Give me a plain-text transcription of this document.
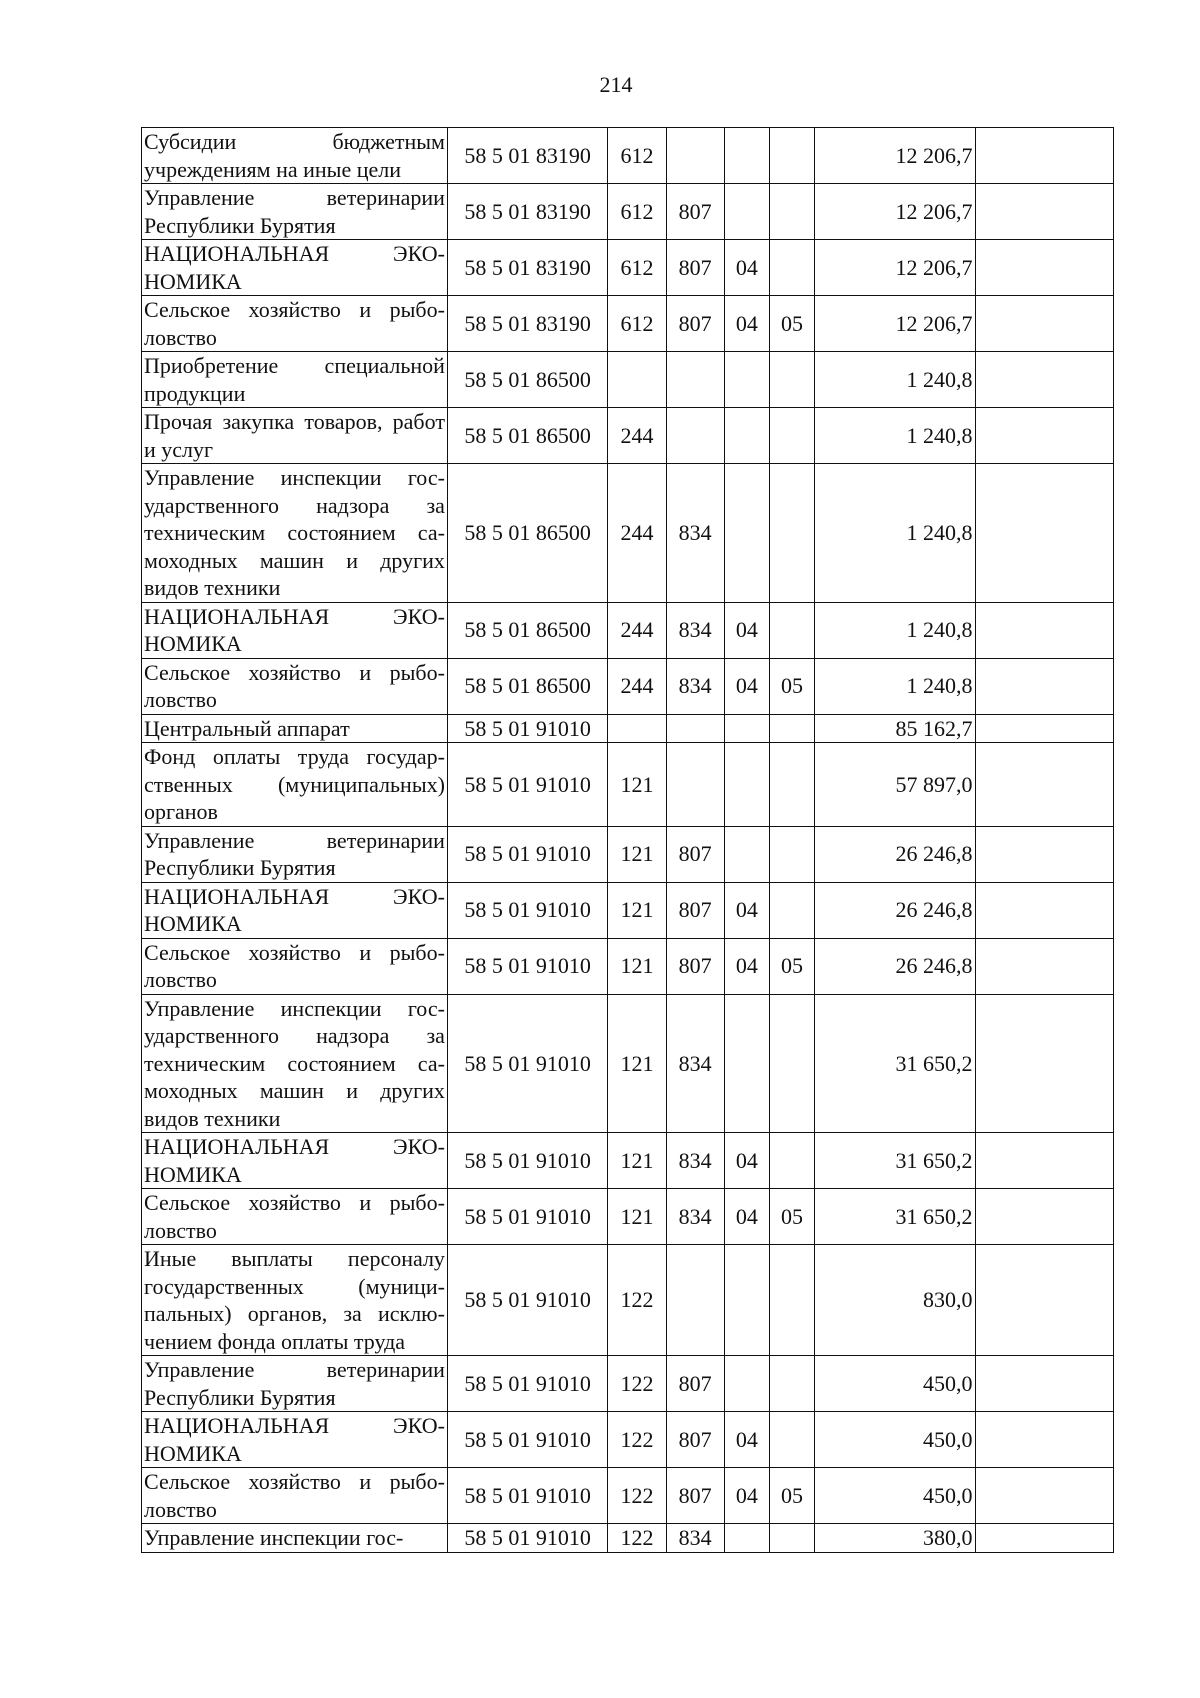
214
Субсидии бюджетным учреждениям на иные цели	58 5 01 83190	612				12 206,7	
Управление ветеринарии Республики Бурятия	58 5 01 83190	612	807			12 206,7	
НАЦИОНАЛЬНАЯ ЭКОНОМИКА	58 5 01 83190	612	807	04		12 206,7	
Сельское хозяйство и рыболовство	58 5 01 83190	612	807	04	05	12 206,7	
Приобретение специальной продукции	58 5 01 86500					1 240,8	
Прочая закупка товаров, работ и услуг	58 5 01 86500	244				1 240,8	
Управление инспекции государственного надзора за техническим состоянием самоходных машин и других видов техники	58 5 01 86500	244	834			1 240,8	
НАЦИОНАЛЬНАЯ ЭКОНОМИКА	58 5 01 86500	244	834	04		1 240,8	
Сельское хозяйство и рыболовство	58 5 01 86500	244	834	04	05	1 240,8	
Центральный аппарат	58 5 01 91010					85 162,7	
Фонд оплаты труда государственных (муниципальных) органов	58 5 01 91010	121				57 897,0	
Управление ветеринарии Республики Бурятия	58 5 01 91010	121	807			26 246,8	
НАЦИОНАЛЬНАЯ ЭКОНОМИКА	58 5 01 91010	121	807	04		26 246,8	
Сельское хозяйство и рыболовство	58 5 01 91010	121	807	04	05	26 246,8	
Управление инспекции государственного надзора за техническим состоянием самоходных машин и других видов техники	58 5 01 91010	121	834			31 650,2	
НАЦИОНАЛЬНАЯ ЭКОНОМИКА	58 5 01 91010	121	834	04		31 650,2	
Сельское хозяйство и рыболовство	58 5 01 91010	121	834	04	05	31 650,2	
Иные выплаты персоналу государственных (муниципальных) органов, за исключением фонда оплаты труда	58 5 01 91010	122				830,0	
Управление ветеринарии Республики Бурятия	58 5 01 91010	122	807			450,0	
НАЦИОНАЛЬНАЯ ЭКОНОМИКА	58 5 01 91010	122	807	04		450,0	
Сельское хозяйство и рыболовство	58 5 01 91010	122	807	04	05	450,0	
Управление инспекции гос-	58 5 01 91010	122	834			380,0	
